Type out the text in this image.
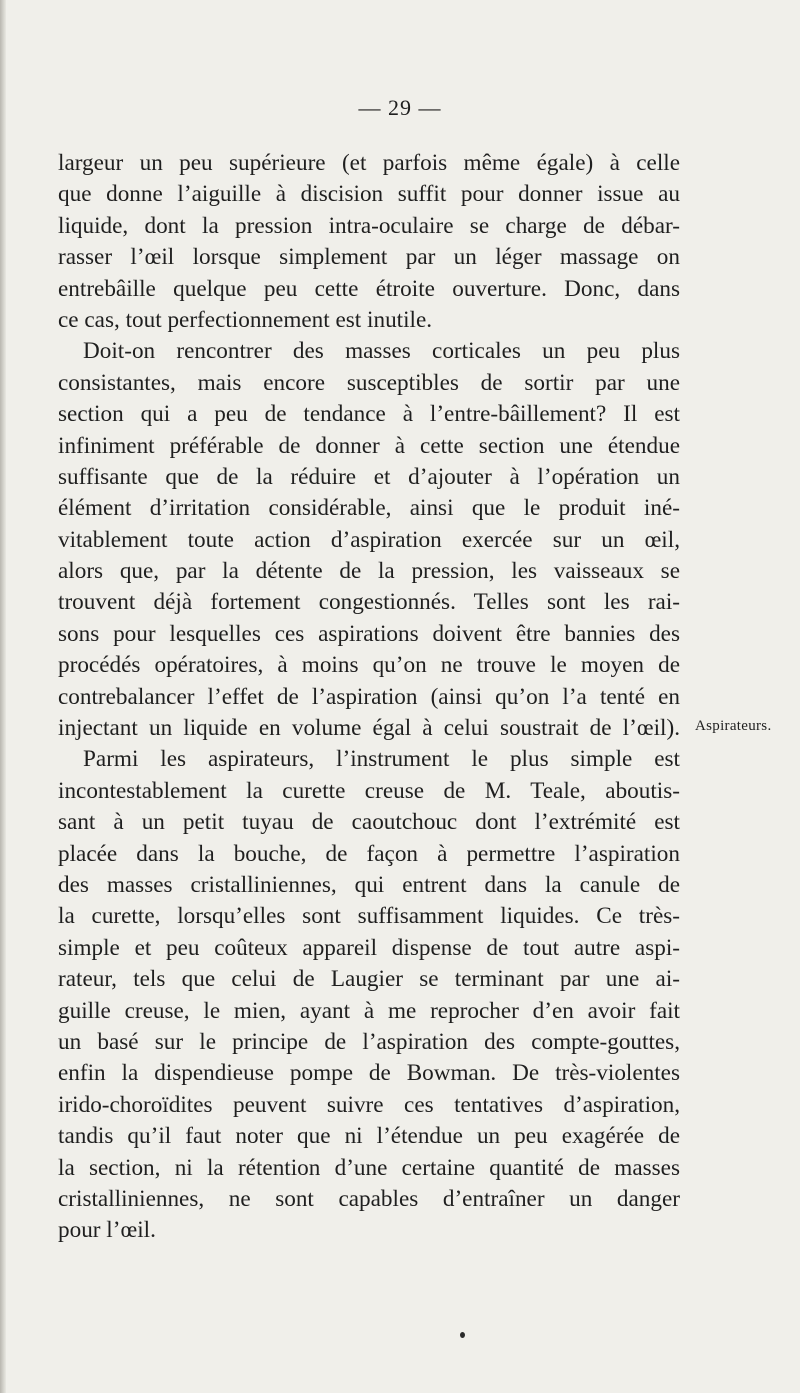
— 29 —
largeur un peu supérieure (et parfois même égale) à celle
que donne l’aiguille à discision suffit pour donner issue au
liquide, dont la pression intra-oculaire se charge de débar-
rasser l’œil lorsque simplement par un léger massage on
entrebâille quelque peu cette étroite ouverture. Donc, dans
ce cas, tout perfectionnement est inutile.
Doit-on rencontrer des masses corticales un peu plus
consistantes, mais encore susceptibles de sortir par une
section qui a peu de tendance à l’entre-bâillement? Il est
infiniment préférable de donner à cette section une étendue
suffisante que de la réduire et d’ajouter à l’opération un
élément d’irritation considérable, ainsi que le produit iné-
vitablement toute action d’aspiration exercée sur un œil,
alors que, par la détente de la pression, les vaisseaux se
trouvent déjà fortement congestionnés. Telles sont les rai-
sons pour lesquelles ces aspirations doivent être bannies des
procédés opératoires, à moins qu’on ne trouve le moyen de
contrebalancer l’effet de l’aspiration (ainsi qu’on l’a tenté en
injectant un liquide en volume égal à celui soustrait de l’œil).
Parmi les aspirateurs, l’instrument le plus simple est
incontestablement la curette creuse de M. Teale, aboutis-
sant à un petit tuyau de caoutchouc dont l’extrémité est
placée dans la bouche, de façon à permettre l’aspiration
des masses cristalliniennes, qui entrent dans la canule de
la curette, lorsqu’elles sont suffisamment liquides. Ce très-
simple et peu coûteux appareil dispense de tout autre aspi-
rateur, tels que celui de Laugier se terminant par une ai-
guille creuse, le mien, ayant à me reprocher d’en avoir fait
un basé sur le principe de l’aspiration des compte-gouttes,
enfin la dispendieuse pompe de Bowman. De très-violentes
irido-choroïdites peuvent suivre ces tentatives d’aspiration,
tandis qu’il faut noter que ni l’étendue un peu exagérée de
la section, ni la rétention d’une certaine quantité de masses
cristalliniennes, ne sont capables d’entraîner un danger
pour l’œil.
Aspirateurs.
